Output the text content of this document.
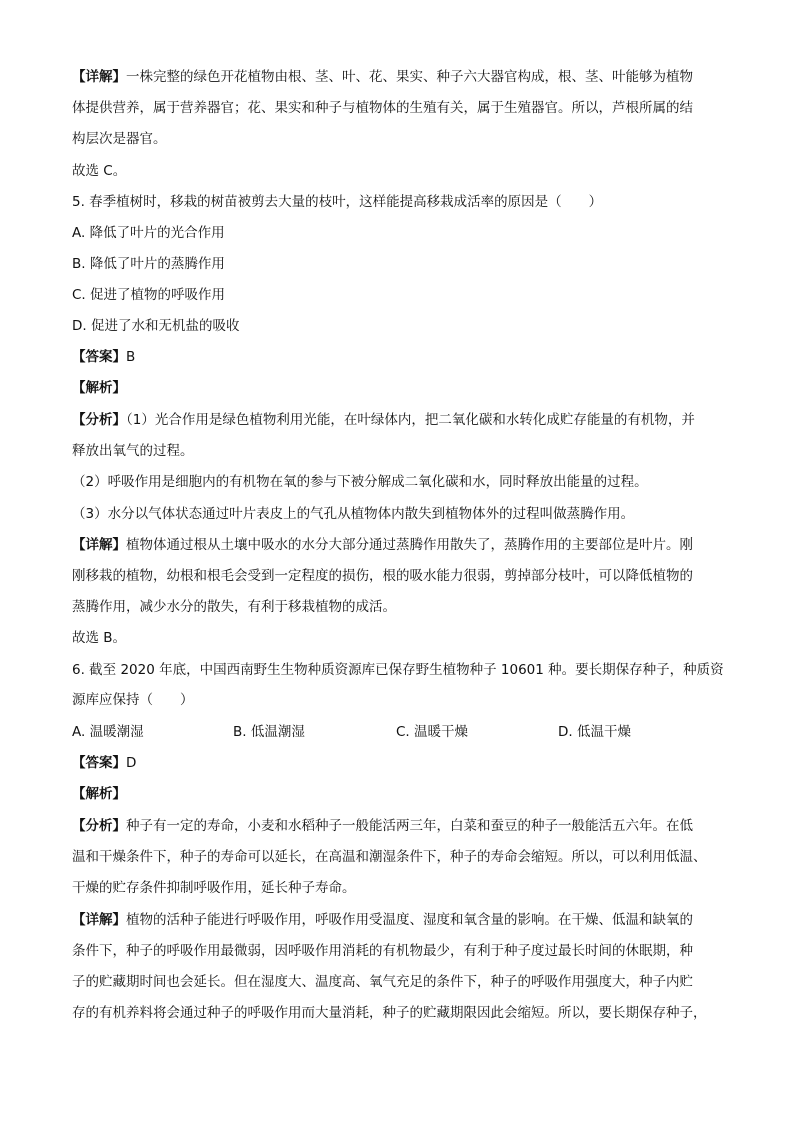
【详解】一株完整的绿色开花植物由根、茎、叶、花、果实、种子六大器官构成，根、茎、叶能够为植物
体提供营养，属于营养器官；花、果实和种子与植物体的生殖有关，属于生殖器官。所以，芦根所属的结
构层次是器官。
故选 C。
5. 春季植树时，移栽的树苗被剪去大量的枝叶，这样能提高移栽成活率的原因是（　　）
A. 降低了叶片的光合作用
B. 降低了叶片的蒸腾作用
C. 促进了植物的呼吸作用
D. 促进了水和无机盐的吸收
【答案】B
【解析】
【分析】（1）光合作用是绿色植物利用光能，在叶绿体内，把二氧化碳和水转化成贮存能量的有机物，并
释放出氧气的过程。
（2）呼吸作用是细胞内的有机物在氧的参与下被分解成二氧化碳和水，同时释放出能量的过程。
（3）水分以气体状态通过叶片表皮上的气孔从植物体内散失到植物体外的过程叫做蒸腾作用。
【详解】植物体通过根从土壤中吸水的水分大部分通过蒸腾作用散失了，蒸腾作用的主要部位是叶片。刚
刚移栽的植物，幼根和根毛会受到一定程度的损伤，根的吸水能力很弱，剪掉部分枝叶，可以降低植物的
蒸腾作用，减少水分的散失，有利于移栽植物的成活。
故选 B。
6. 截至 2020 年底，中国西南野生生物种质资源库已保存野生植物种子 10601 种。要长期保存种子，种质资
源库应保持（　　）
A. 温暖潮湿	B. 低温潮湿	C. 温暖干燥	D. 低温干燥
【答案】D
【解析】
【分析】种子有一定的寿命，小麦和水稻种子一般能活两三年，白菜和蚕豆的种子一般能活五六年。在低
温和干燥条件下，种子的寿命可以延长，在高温和潮湿条件下，种子的寿命会缩短。所以，可以利用低温、
干燥的贮存条件抑制呼吸作用，延长种子寿命。
【详解】植物的活种子能进行呼吸作用，呼吸作用受温度、湿度和氧含量的影响。在干燥、低温和缺氧的
条件下，种子的呼吸作用最微弱，因呼吸作用消耗的有机物最少，有利于种子度过最长时间的休眠期，种
子的贮藏期时间也会延长。但在湿度大、温度高、氧气充足的条件下，种子的呼吸作用强度大，种子内贮
存的有机养料将会通过种子的呼吸作用而大量消耗，种子的贮藏期限因此会缩短。所以，要长期保存种子，
